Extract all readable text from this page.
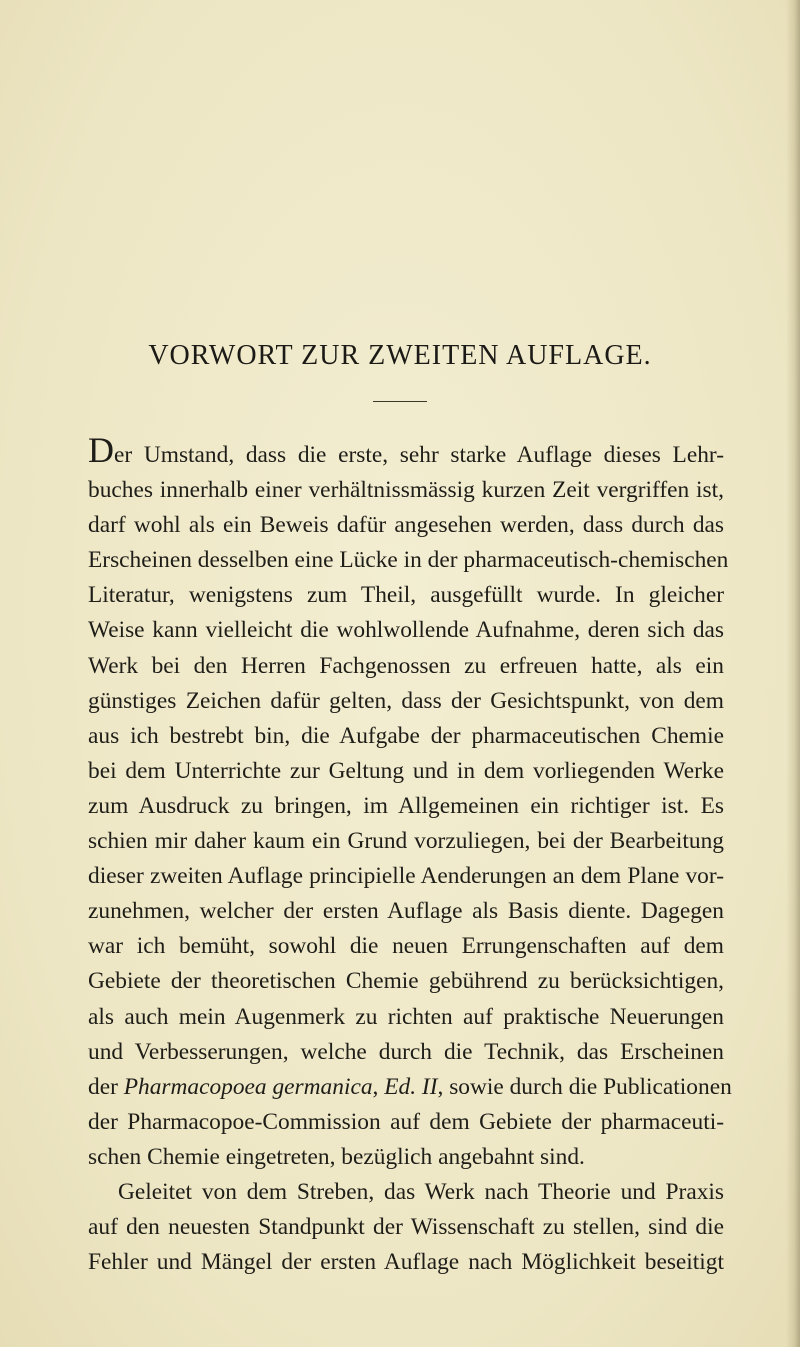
VORWORT ZUR ZWEITEN AUFLAGE.

Der Umstand, dass die erste, sehr starke Auflage dieses Lehr-
buches innerhalb einer verhältnissmässig kurzen Zeit vergriffen ist,
darf wohl als ein Beweis dafür angesehen werden, dass durch das
Erscheinen desselben eine Lücke in der pharmaceutisch-chemischen
Literatur, wenigstens zum Theil, ausgefüllt wurde. In gleicher
Weise kann vielleicht die wohlwollende Aufnahme, deren sich das
Werk bei den Herren Fachgenossen zu erfreuen hatte, als ein
günstiges Zeichen dafür gelten, dass der Gesichtspunkt, von dem
aus ich bestrebt bin, die Aufgabe der pharmaceutischen Chemie
bei dem Unterrichte zur Geltung und in dem vorliegenden Werke
zum Ausdruck zu bringen, im Allgemeinen ein richtiger ist. Es
schien mir daher kaum ein Grund vorzuliegen, bei der Bearbeitung
dieser zweiten Auflage principielle Aenderungen an dem Plane vor-
zunehmen, welcher der ersten Auflage als Basis diente. Dagegen
war ich bemüht, sowohl die neuen Errungenschaften auf dem
Gebiete der theoretischen Chemie gebührend zu berücksichtigen,
als auch mein Augenmerk zu richten auf praktische Neuerungen
und Verbesserungen, welche durch die Technik, das Erscheinen
der Pharmacopoea germanica, Ed. II, sowie durch die Publicationen
der Pharmacopoe-Commission auf dem Gebiete der pharmaceuti-
schen Chemie eingetreten, bezüglich angebahnt sind.

Geleitet von dem Streben, das Werk nach Theorie und Praxis
auf den neuesten Standpunkt der Wissenschaft zu stellen, sind die
Fehler und Mängel der ersten Auflage nach Möglichkeit beseitigt
